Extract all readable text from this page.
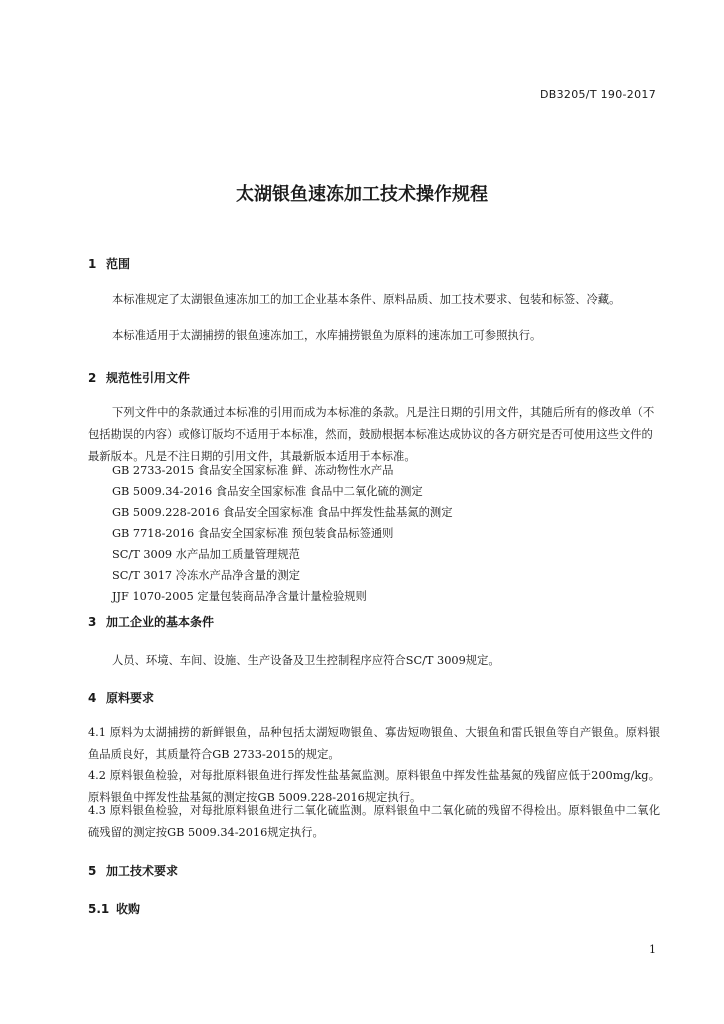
DB3205/T 190-2017
太湖银鱼速冻加工技术操作规程
1 范围
本标准规定了太湖银鱼速冻加工的加工企业基本条件、原料品质、加工技术要求、包装和标签、冷藏。
本标准适用于太湖捕捞的银鱼速冻加工，水库捕捞银鱼为原料的速冻加工可参照执行。
2 规范性引用文件
下列文件中的条款通过本标准的引用而成为本标准的条款。凡是注日期的引用文件，其随后所有的修改单（不包括勘误的内容）或修订版均不适用于本标准，然而，鼓励根据本标准达成协议的各方研究是否可使用这些文件的最新版本。凡是不注日期的引用文件，其最新版本适用于本标准。
GB 2733-2015 食品安全国家标准 鲜、冻动物性水产品
GB 5009.34-2016 食品安全国家标准 食品中二氧化硫的测定
GB 5009.228-2016 食品安全国家标准 食品中挥发性盐基氮的测定
GB 7718-2016 食品安全国家标准 预包装食品标签通则
SC/T 3009 水产品加工质量管理规范
SC/T 3017 冷冻水产品净含量的测定
JJF 1070-2005 定量包装商品净含量计量检验规则
3 加工企业的基本条件
人员、环境、车间、设施、生产设备及卫生控制程序应符合SC/T 3009规定。
4 原料要求
4.1 原料为太湖捕捞的新鲜银鱼，品种包括太湖短吻银鱼、寡齿短吻银鱼、大银鱼和雷氏银鱼等自产银鱼。原料银鱼品质良好，其质量符合GB 2733-2015的规定。
4.2 原料银鱼检验，对每批原料银鱼进行挥发性盐基氮监测。原料银鱼中挥发性盐基氮的残留应低于200mg/kg。原料银鱼中挥发性盐基氮的测定按GB 5009.228-2016规定执行。
4.3 原料银鱼检验，对每批原料银鱼进行二氧化硫监测。原料银鱼中二氧化硫的残留不得检出。原料银鱼中二氧化硫残留的测定按GB 5009.34-2016规定执行。
5 加工技术要求
5.1 收购
1
